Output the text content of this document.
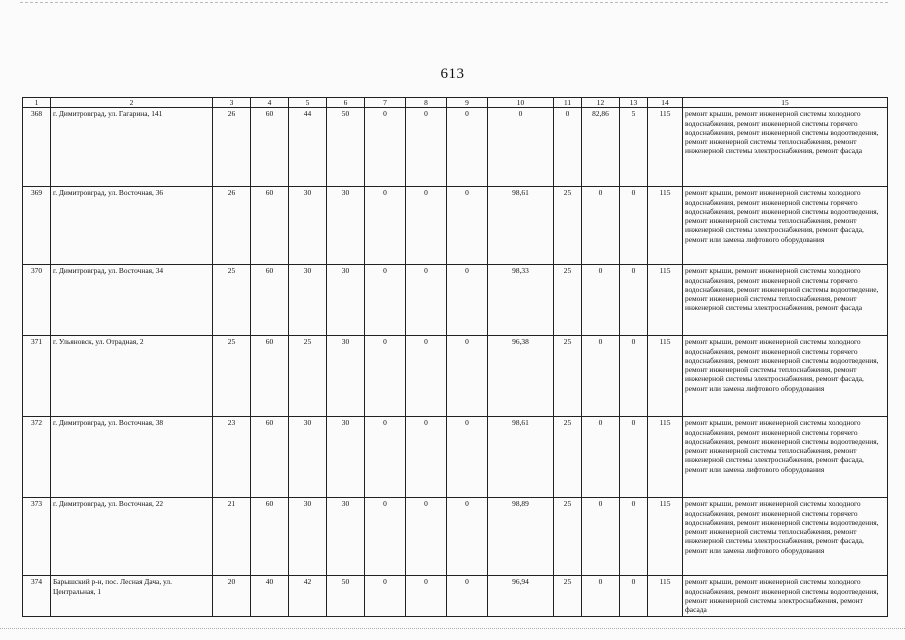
613
1	2	3	4	5	6	7	8	9	10	11	12	13	14	15
368	г. Димитровград, ул. Гагарина, 141	26	60	44	50	0	0	0	0	0	82,86	5	115	ремонт крыши, ремонт инженерной системы холодного водоснабжения, ремонт инженерной системы горячего водоснабжения, ремонт инженерной системы водоотведения, ремонт инженерной системы теплоснабжения, ремонт инженерной системы электроснабжения, ремонт фасада
369	г. Димитровград, ул. Восточная, 36	26	60	30	30	0	0	0	98,61	25	0	0	115	ремонт крыши, ремонт инженерной системы холодного водоснабжения, ремонт инженерной системы горячего водоснабжения, ремонт инженерной системы водоотведения, ремонт инженерной системы теплоснабжения, ремонт инженерной системы электроснабжения, ремонт фасада, ремонт или замена лифтового оборудования
370	г. Димитровград, ул. Восточная, 34	25	60	30	30	0	0	0	98,33	25	0	0	115	ремонт крыши, ремонт инженерной системы холодного водоснабжения, ремонт инженерной системы горячего водоснабжения, ремонт инженерной системы водоотведение, ремонт инженерной системы теплоснабжения, ремонт инженерной системы электроснабжения, ремонт фасада
371	г. Ульяновск, ул. Отрадная, 2	25	60	25	30	0	0	0	96,38	25	0	0	115	ремонт крыши, ремонт инженерной системы холодного водоснабжения, ремонт инженерной системы горячего водоснабжения, ремонт инженерной системы водоотведения, ремонт инженерной системы теплоснабжения, ремонт инженерной системы электроснабжения, ремонт фасада, ремонт или замена лифтового оборудования
372	г. Димитровград, ул. Восточная, 38	23	60	30	30	0	0	0	98,61	25	0	0	115	ремонт крыши, ремонт инженерной системы холодного водоснабжения, ремонт инженерной системы горячего водоснабжения, ремонт инженерной системы водоотведения, ремонт инженерной системы теплоснабжения, ремонт инженерной системы электроснабжения, ремонт фасада, ремонт или замена лифтового оборудования
373	г. Димитровград, ул. Восточная, 22	21	60	30	30	0	0	0	98,89	25	0	0	115	ремонт крыши, ремонт инженерной системы холодного водоснабжения, ремонт инженерной системы горячего водоснабжения, ремонт инженерной системы водоотведения, ремонт инженерной системы теплоснабжения, ремонт инженерной системы электроснабжения, ремонт фасада, ремонт или замена лифтового оборудования
374	Барышский р-н, пос. Лесная Дача, ул. Центральная, 1	20	40	42	50	0	0	0	96,94	25	0	0	115	ремонт крыши, ремонт инженерной системы холодного водоснабжения, ремонт инженерной системы водоотведения, ремонт инженерной системы электроснабжения, ремонт фасада
